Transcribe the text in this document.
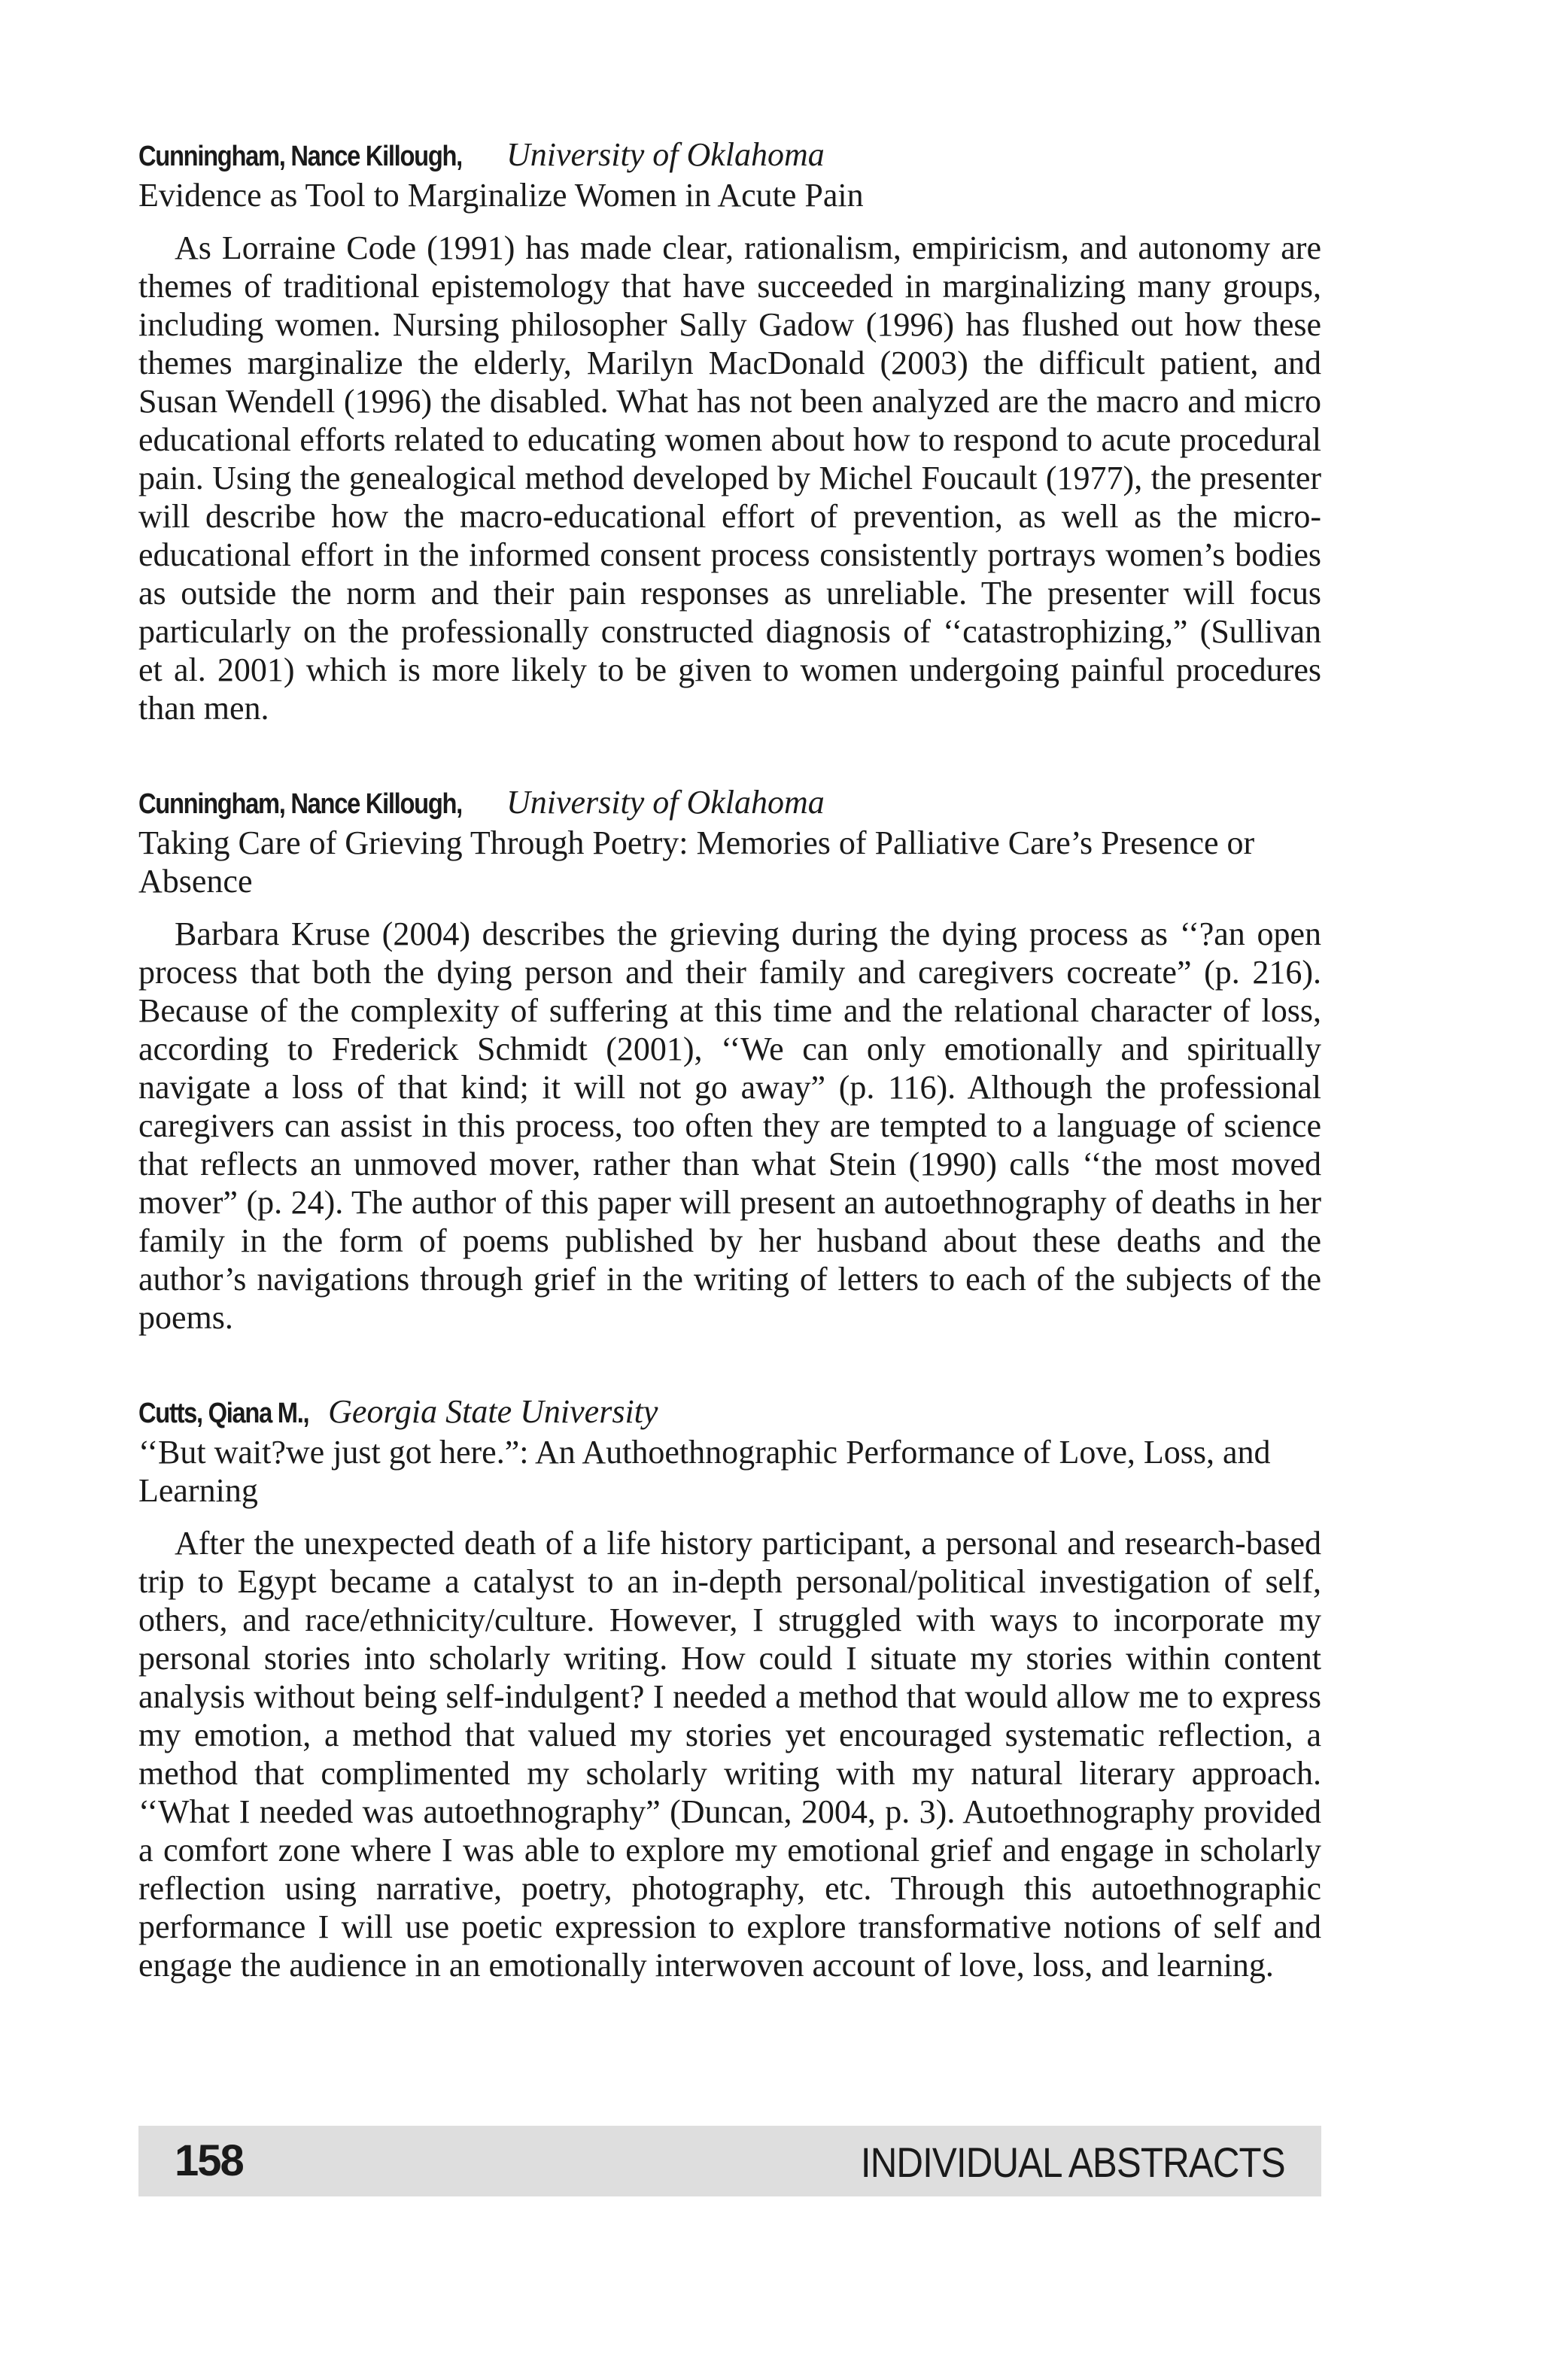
Cunningham, Nance Killough, University of Oklahoma

Evidence as Tool to Marginalize Women in Acute Pain

As Lorraine Code (1991) has made clear, rationalism, empiricism, and autonomy are themes of traditional epistemology that have succeeded in marginalizing many groups, including women. Nursing philosopher Sally Gadow (1996) has flushed out how these themes marginalize the elderly, Marilyn MacDonald (2003) the difficult patient, and Susan Wendell (1996) the disabled. What has not been analyzed are the macro and micro educational efforts related to educating women about how to respond to acute procedural pain. Using the genealogical method developed by Michel Foucault (1977), the presenter will describe how the macro-educational effort of prevention, as well as the micro-educational effort in the informed consent process consistently portrays women’s bodies as outside the norm and their pain responses as unreliable. The presenter will focus particularly on the professionally constructed diagnosis of ‘‘catastrophizing,” (Sullivan et al. 2001) which is more likely to be given to women undergoing painful procedures than men.

Cunningham, Nance Killough, University of Oklahoma

Taking Care of Grieving Through Poetry: Memories of Palliative Care’s Presence or Absence

Barbara Kruse (2004) describes the grieving during the dying process as ‘‘?an open process that both the dying person and their family and caregivers cocreate” (p. 216). Because of the complexity of suffering at this time and the relational character of loss, according to Frederick Schmidt (2001), ‘‘We can only emotionally and spiritually navigate a loss of that kind; it will not go away” (p. 116). Although the professional caregivers can assist in this process, too often they are tempted to a language of science that reflects an unmoved mover, rather than what Stein (1990) calls ‘‘the most moved mover” (p. 24). The author of this paper will present an autoethnography of deaths in her family in the form of poems published by her husband about these deaths and the author’s navigations through grief in the writing of letters to each of the subjects of the poems.

Cutts, Qiana M., Georgia State University

‘‘But wait?we just got here.”: An Authoethnographic Performance of Love, Loss, and Learning

After the unexpected death of a life history participant, a personal and research-based trip to Egypt became a catalyst to an in-depth personal/political investigation of self, others, and race/ethnicity/culture. However, I struggled with ways to incorporate my personal stories into scholarly writing. How could I situate my stories within content analysis without being self-indulgent? I needed a method that would allow me to express my emotion, a method that valued my stories yet encouraged systematic reflection, a method that complimented my scholarly writing with my natural literary approach. ‘‘What I needed was autoethnography” (Duncan, 2004, p. 3). Autoethnography provided a comfort zone where I was able to explore my emotional grief and engage in scholarly reflection using narrative, poetry, photography, etc. Through this autoethnographic performance I will use poetic expression to explore transformative notions of self and engage the audience in an emotionally interwoven account of love, loss, and learning.

158	INDIVIDUAL ABSTRACTS
